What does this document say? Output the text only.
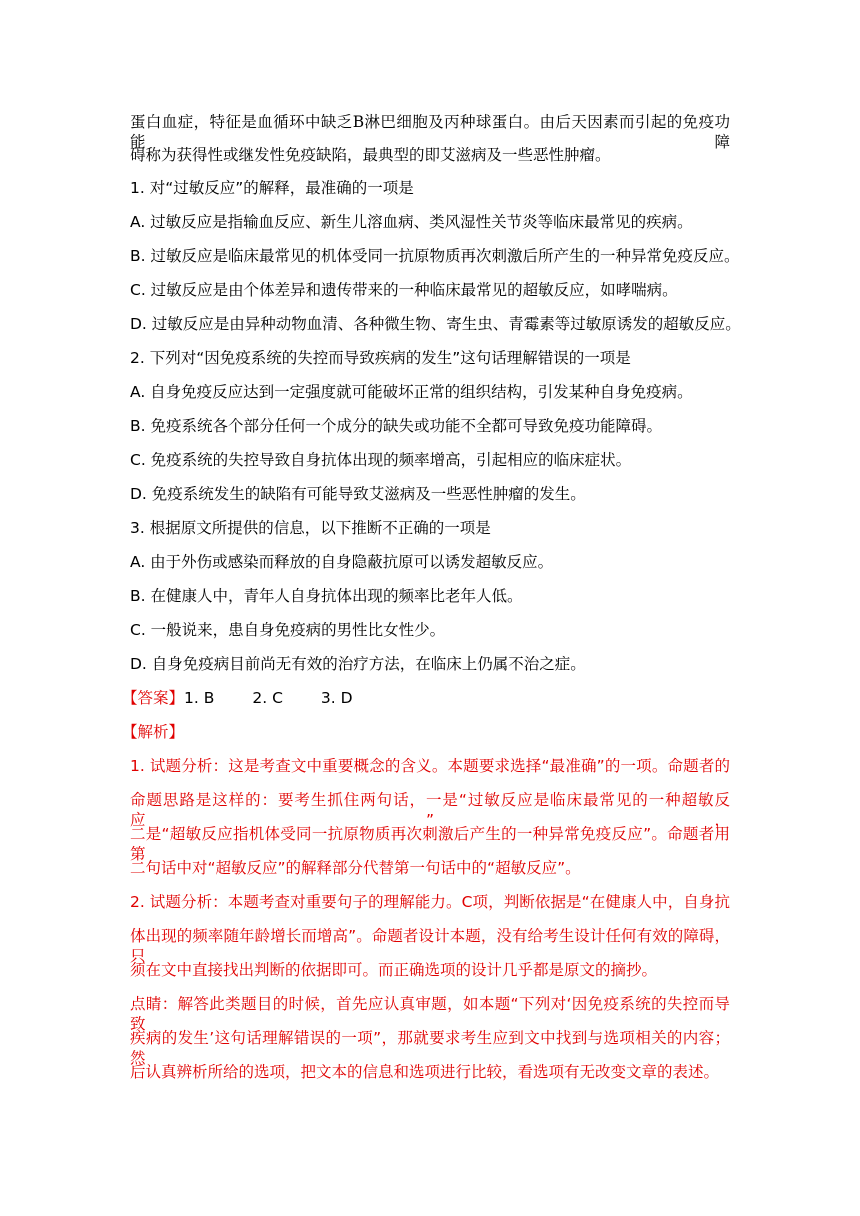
蛋白血症，特征是血循环中缺乏B淋巴细胞及丙种球蛋白。由后天因素而引起的免疫功能障
碍称为获得性或继发性免疫缺陷，最典型的即艾滋病及一些恶性肿瘤。
1. 对“过敏反应”的解释，最准确的一项是
A. 过敏反应是指输血反应、新生儿溶血病、类风湿性关节炎等临床最常见的疾病。
B. 过敏反应是临床最常见的机体受同一抗原物质再次刺激后所产生的一种异常免疫反应。
C. 过敏反应是由个体差异和遗传带来的一种临床最常见的超敏反应，如哮喘病。
D. 过敏反应是由异种动物血清、各种微生物、寄生虫、青霉素等过敏原诱发的超敏反应。
2. 下列对“因免疫系统的失控而导致疾病的发生”这句话理解错误的一项是
A. 自身免疫反应达到一定强度就可能破坏正常的组织结构，引发某种自身免疫病。
B. 免疫系统各个部分任何一个成分的缺失或功能不全都可导致免疫功能障碍。
C. 免疫系统的失控导致自身抗体出现的频率增高，引起相应的临床症状。
D. 免疫系统发生的缺陷有可能导致艾滋病及一些恶性肿瘤的发生。
3. 根据原文所提供的信息，以下推断不正确的一项是
A. 由于外伤或感染而释放的自身隐蔽抗原可以诱发超敏反应。
B. 在健康人中，青年人自身抗体出现的频率比老年人低。
C. 一般说来，患自身免疫病的男性比女性少。
D. 自身免疫病目前尚无有效的治疗方法，在临床上仍属不治之症。
【答案】1. B 2. C 3. D
【解析】
1. 试题分析：这是考查文中重要概念的含义。本题要求选择“最准确”的一项。命题者的
命题思路是这样的：要考生抓住两句话，一是“过敏反应是临床最常见的一种超敏反应”，
二是“超敏反应指机体受同一抗原物质再次刺激后产生的一种异常免疫反应”。命题者用第
二句话中对“超敏反应”的解释部分代替第一句话中的“超敏反应”。
2. 试题分析：本题考查对重要句子的理解能力。C项，判断依据是“在健康人中，自身抗
体出现的频率随年龄增长而增高”。命题者设计本题，没有给考生设计任何有效的障碍，只
须在文中直接找出判断的依据即可。而正确选项的设计几乎都是原文的摘抄。
点睛：解答此类题目的时候，首先应认真审题，如本题“下列对‘因免疫系统的失控而导致
疾病的发生’这句话理解错误的一项”，那就要求考生应到文中找到与选项相关的内容；然
后认真辨析所给的选项，把文本的信息和选项进行比较，看选项有无改变文章的表述。
